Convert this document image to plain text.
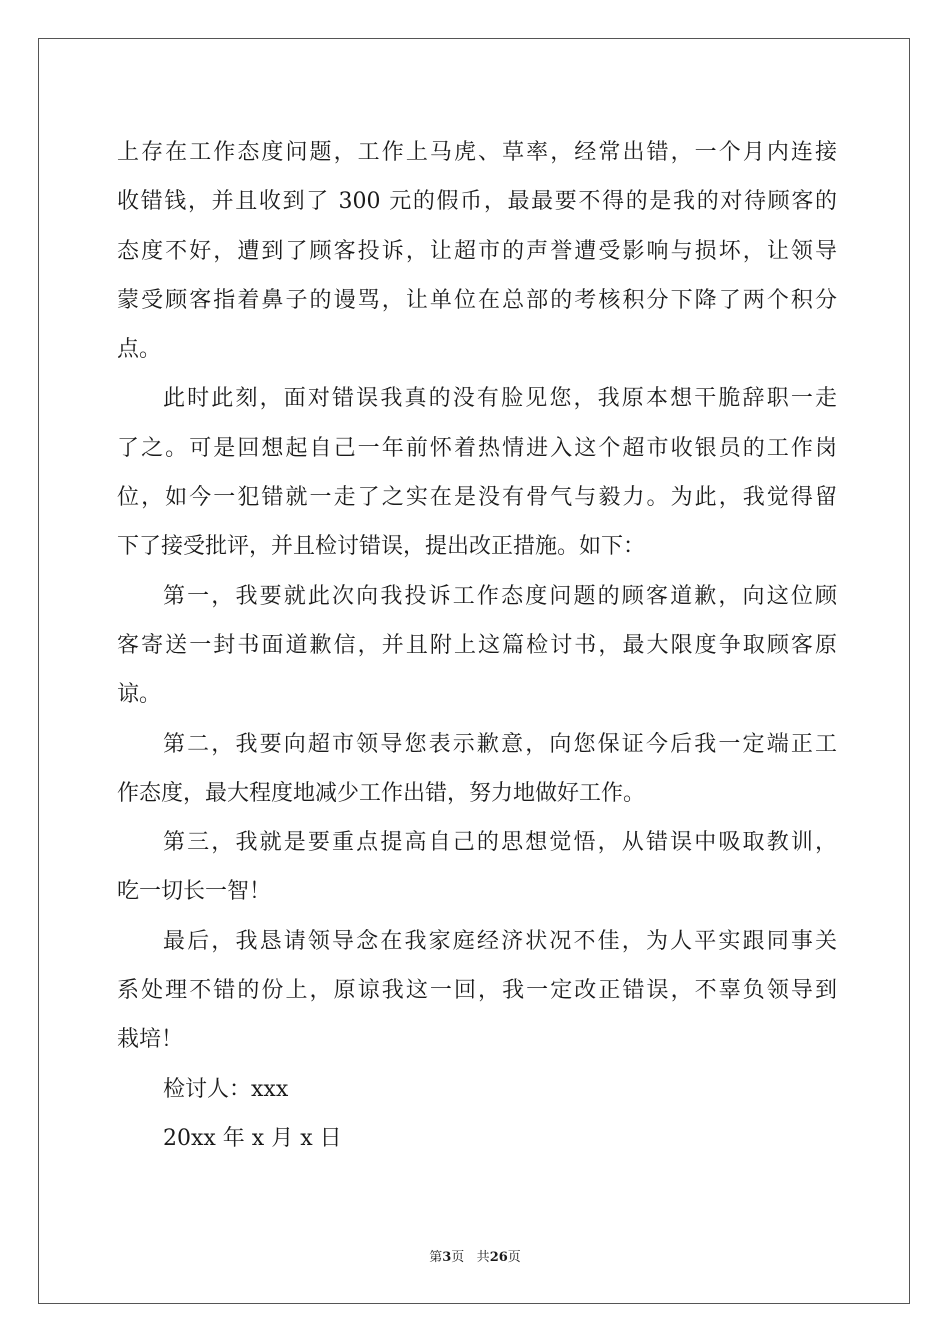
上存在工作态度问题，工作上马虎、草率，经常出错，一个月内连接
收错钱，并且收到了 300 元的假币，最最要不得的是我的对待顾客的
态度不好，遭到了顾客投诉，让超市的声誉遭受影响与损坏，让领导
蒙受顾客指着鼻子的谩骂，让单位在总部的考核积分下降了两个积分
点。
此时此刻，面对错误我真的没有脸见您，我原本想干脆辞职一走
了之。可是回想起自己一年前怀着热情进入这个超市收银员的工作岗
位，如今一犯错就一走了之实在是没有骨气与毅力。为此，我觉得留
下了接受批评，并且检讨错误，提出改正措施。如下：
第一，我要就此次向我投诉工作态度问题的顾客道歉，向这位顾
客寄送一封书面道歉信，并且附上这篇检讨书，最大限度争取顾客原
谅。
第二，我要向超市领导您表示歉意，向您保证今后我一定端正工
作态度，最大程度地减少工作出错，努力地做好工作。
第三，我就是要重点提高自己的思想觉悟，从错误中吸取教训，
吃一切长一智！
最后，我恳请领导念在我家庭经济状况不佳，为人平实跟同事关
系处理不错的份上，原谅我这一回，我一定改正错误，不辜负领导到
栽培！
检讨人：xxx
20xx 年 x 月 x 日
第3页 共26页
